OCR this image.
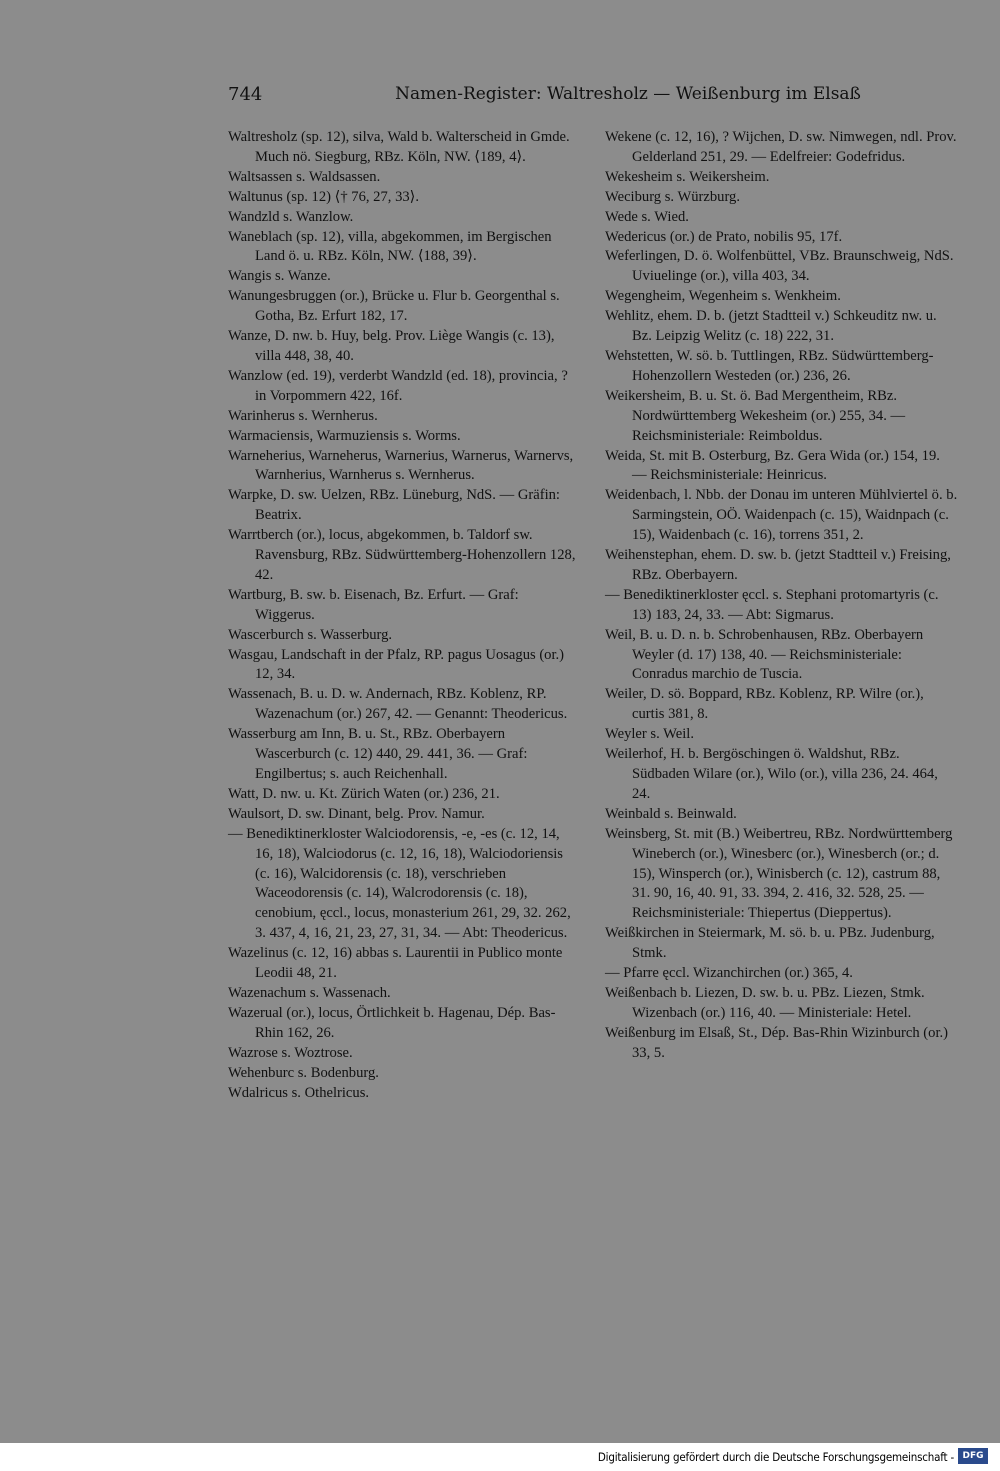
744	Namen-Register: Waltresholz — Weißenburg im Elsaß

Waltresholz (sp. 12), silva, Wald b. Walterscheid in Gmde. Much nö. Siegburg, RBz. Köln, NW. ⟨189, 4⟩.

Waltsassen s. Waldsassen.

Waltunus (sp. 12) ⟨† 76, 27, 33⟩.

Wandzld s. Wanzlow.

Waneblach (sp. 12), villa, abgekommen, im Bergischen Land ö. u. RBz. Köln, NW. ⟨188, 39⟩.

Wangis s. Wanze.

Wanungesbruggen (or.), Brücke u. Flur b. Georgenthal s. Gotha, Bz. Erfurt 182, 17.

Wanze, D. nw. b. Huy, belg. Prov. Liège Wangis (c. 13), villa 448, 38, 40.

Wanzlow (ed. 19), verderbt Wandzld (ed. 18), provincia, ? in Vorpommern 422, 16f.

Warinherus s. Wernherus.

Warmaciensis, Warmuziensis s. Worms.

Warneherius, Warneherus, Warnerius, Warnerus, Warnervs, Warnherius, Warnherus s. Wernherus.

Warpke, D. sw. Uelzen, RBz. Lüneburg, NdS. — Gräfin: Beatrix.

Warrtberch (or.), locus, abgekommen, b. Taldorf sw. Ravensburg, RBz. Südwürttemberg-Hohenzollern 128, 42.

Wartburg, B. sw. b. Eisenach, Bz. Erfurt. — Graf: Wiggerus.

Wascerburch s. Wasserburg.

Wasgau, Landschaft in der Pfalz, RP. pagus Uosagus (or.) 12, 34.

Wassenach, B. u. D. w. Andernach, RBz. Koblenz, RP. Wazenachum (or.) 267, 42. — Genannt: Theodericus.

Wasserburg am Inn, B. u. St., RBz. Oberbayern Wascerburch (c. 12) 440, 29. 441, 36. — Graf: Engilbertus; s. auch Reichenhall.

Watt, D. nw. u. Kt. Zürich Waten (or.) 236, 21.

Waulsort, D. sw. Dinant, belg. Prov. Namur.

— Benediktinerkloster Walciodorensis, -e, -es (c. 12, 14, 16, 18), Walciodorus (c. 12, 16, 18), Walciodoriensis (c. 16), Walcidorensis (c. 18), verschrieben Waceodorensis (c. 14), Walcrodorensis (c. 18), cenobium, ęccl., locus, monasterium 261, 29, 32. 262, 3. 437, 4, 16, 21, 23, 27, 31, 34. — Abt: Theodericus.

Wazelinus (c. 12, 16) abbas s. Laurentii in Publico monte Leodii 48, 21.

Wazenachum s. Wassenach.

Wazerual (or.), locus, Örtlichkeit b. Hagenau, Dép. Bas-Rhin 162, 26.

Wazrose s. Woztrose.

Wehenburc s. Bodenburg.

Wdalricus s. Othelricus.

Wekene (c. 12, 16), ? Wijchen, D. sw. Nimwegen, ndl. Prov. Gelderland 251, 29. — Edelfreier: Godefridus.

Wekesheim s. Weikersheim.

Weciburg s. Würzburg.

Wede s. Wied.

Wedericus (or.) de Prato, nobilis 95, 17f.

Weferlingen, D. ö. Wolfenbüttel, VBz. Braunschweig, NdS. Uviuelinge (or.), villa 403, 34.

Wegengheim, Wegenheim s. Wenkheim.

Wehlitz, ehem. D. b. (jetzt Stadtteil v.) Schkeuditz nw. u. Bz. Leipzig Welitz (c. 18) 222, 31.

Wehstetten, W. sö. b. Tuttlingen, RBz. Südwürttemberg-Hohenzollern Westeden (or.) 236, 26.

Weikersheim, B. u. St. ö. Bad Mergentheim, RBz. Nordwürttemberg Wekesheim (or.) 255, 34. — Reichsministeriale: Reimboldus.

Weida, St. mit B. Osterburg, Bz. Gera Wida (or.) 154, 19. — Reichsministeriale: Heinricus.

Weidenbach, l. Nbb. der Donau im unteren Mühlviertel ö. b. Sarmingstein, OÖ. Waidenpach (c. 15), Waidnpach (c. 15), Waidenbach (c. 16), torrens 351, 2.

Weihenstephan, ehem. D. sw. b. (jetzt Stadtteil v.) Freising, RBz. Oberbayern.

— Benediktinerkloster ęccl. s. Stephani protomartyris (c. 13) 183, 24, 33. — Abt: Sigmarus.

Weil, B. u. D. n. b. Schrobenhausen, RBz. Oberbayern Weyler (d. 17) 138, 40. — Reichsministeriale: Conradus marchio de Tuscia.

Weiler, D. sö. Boppard, RBz. Koblenz, RP. Wilre (or.), curtis 381, 8.

Weyler s. Weil.

Weilerhof, H. b. Bergöschingen ö. Waldshut, RBz. Südbaden Wilare (or.), Wilo (or.), villa 236, 24. 464, 24.

Weinbald s. Beinwald.

Weinsberg, St. mit (B.) Weibertreu, RBz. Nordwürttemberg Wineberch (or.), Winesberc (or.), Winesberch (or.; d. 15), Winsperch (or.), Winisberch (c. 12), castrum 88, 31. 90, 16, 40. 91, 33. 394, 2. 416, 32. 528, 25. — Reichsministeriale: Thiepertus (Dieppertus).

Weißkirchen in Steiermark, M. sö. b. u. PBz. Judenburg, Stmk.

— Pfarre ęccl. Wizanchirchen (or.) 365, 4.

Weißenbach b. Liezen, D. sw. b. u. PBz. Liezen, Stmk. Wizenbach (or.) 116, 40. — Ministeriale: Hetel.

Weißenburg im Elsaß, St., Dép. Bas-Rhin Wizinburch (or.) 33, 5.

Digitalisierung gefördert durch die Deutsche Forschungsgemeinschaft - DFG
